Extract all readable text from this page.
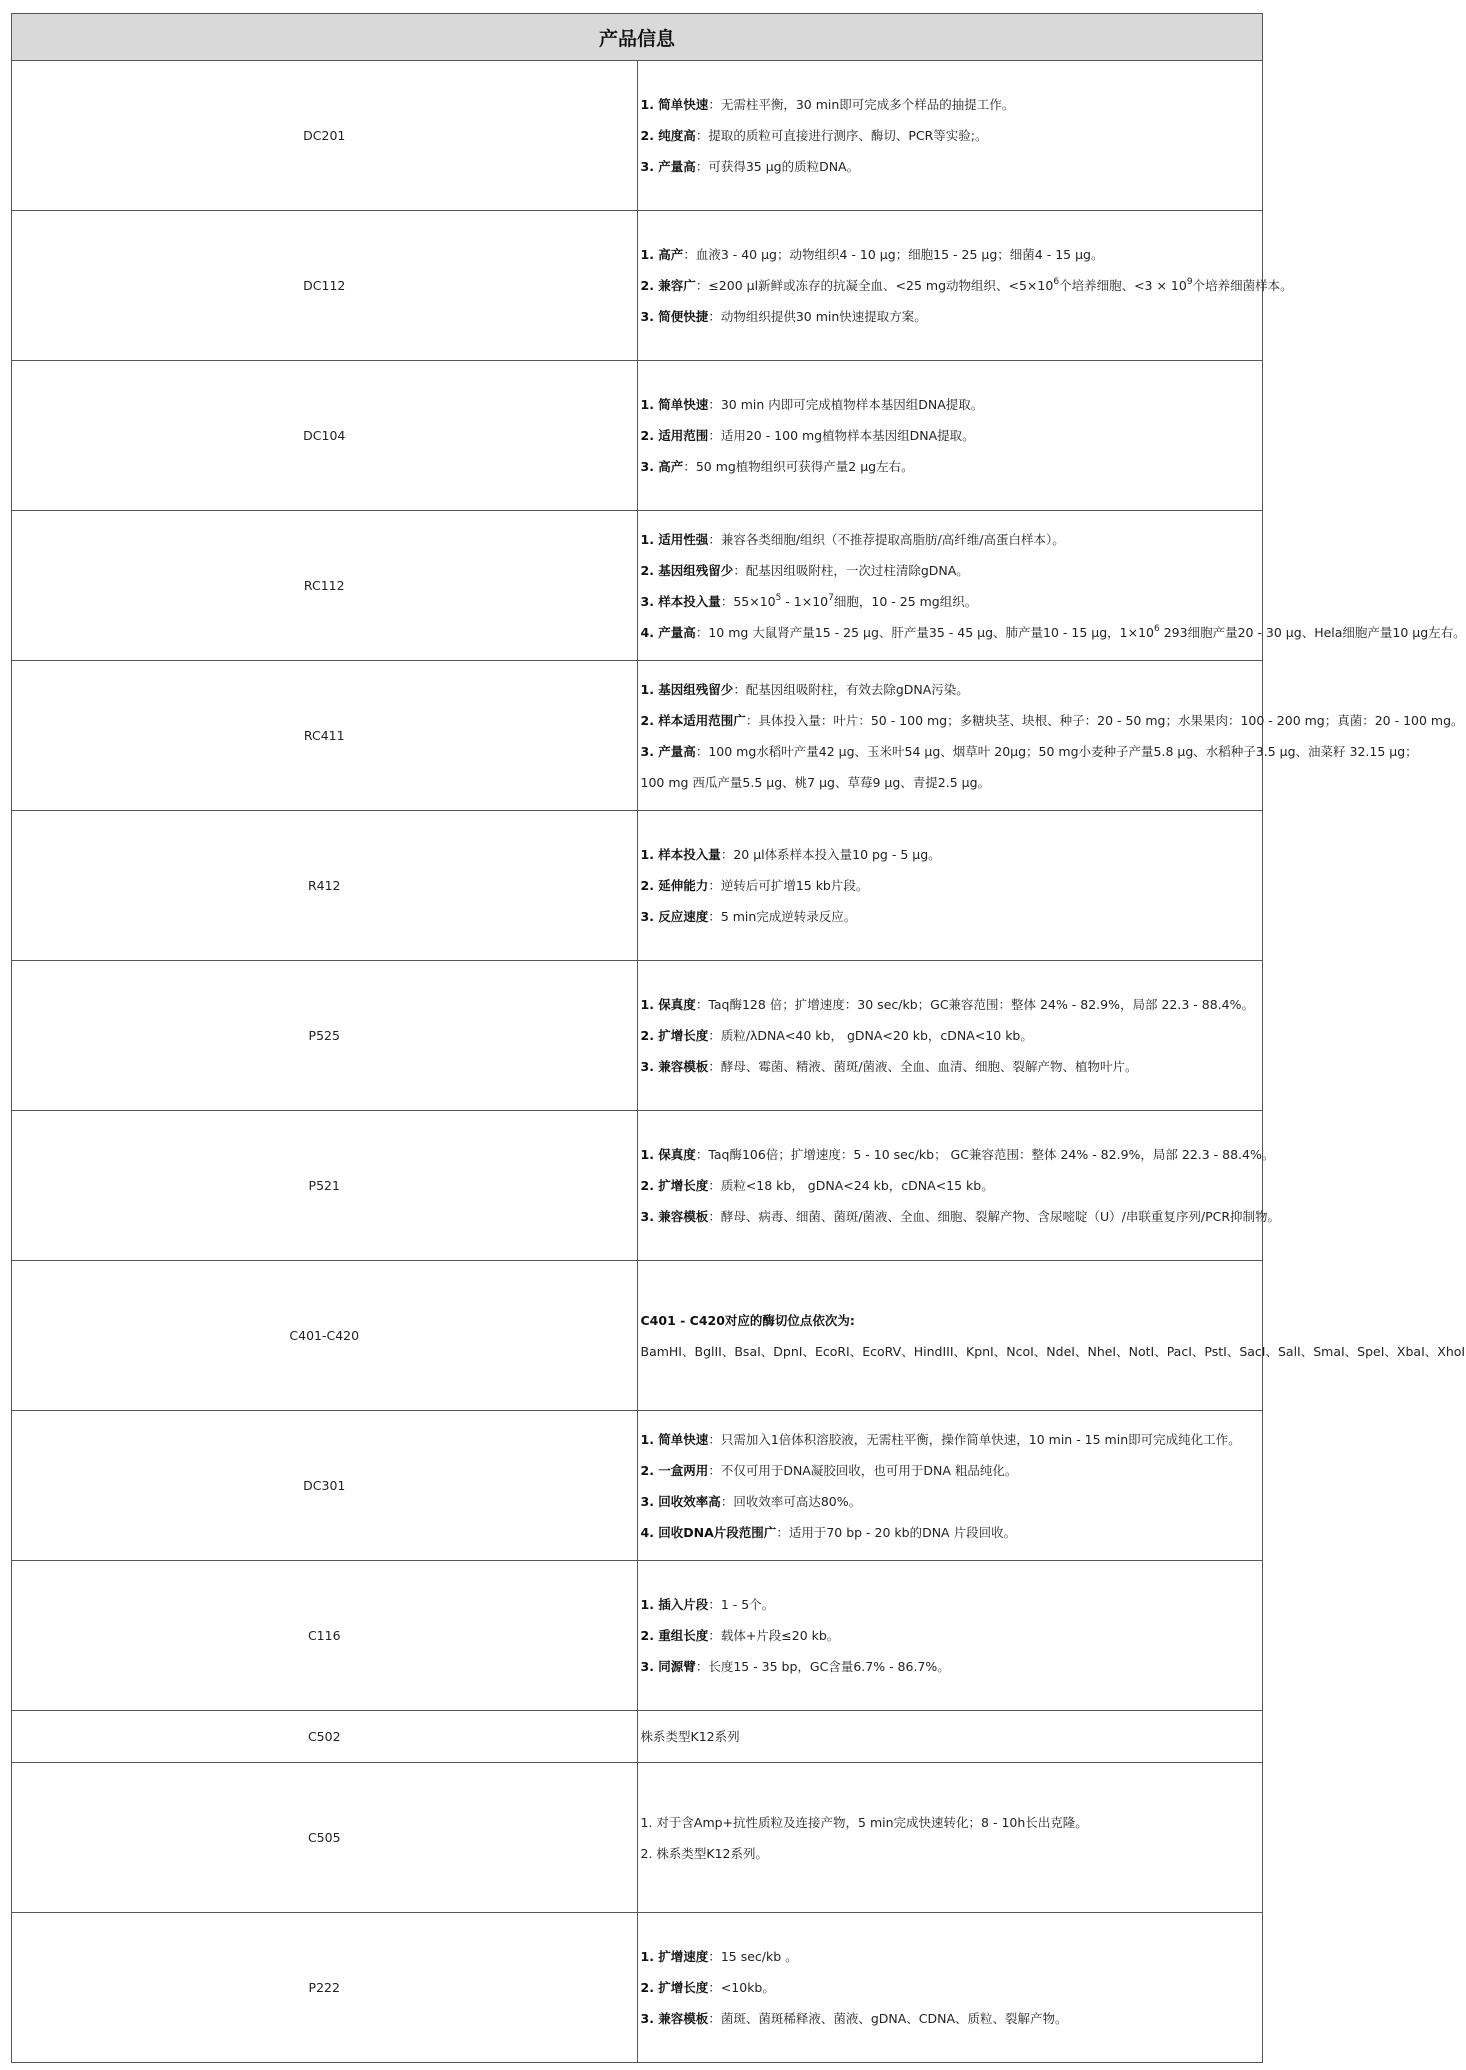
产品信息	
DC201	1. 简单快速：无需柱平衡，30 min即可完成多个样品的抽提工作。
2. 纯度高：提取的质粒可直接进行测序、酶切、PCR等实验;。
3. 产量高：可获得35 μg的质粒DNA。

DC112	1. 高产：血液3 - 40 μg；动物组织4 - 10 μg；细胞15 - 25 μg；细菌4 - 15 μg。
2. 兼容广：≤200 μl新鲜或冻存的抗凝全血、<25 mg动物组织、$<5\times 10^6$个培养细胞、$<3 \times 10^9$个培养细菌样本。
3. 简便快捷：动物组织提供30 min快速提取方案。

DC104	1. 简单快速：30 min 内即可完成植物样本基因组DNA提取。
2. 适用范围：适用20 - 100 mg植物样本基因组DNA提取。
3. 高产：50 mg植物组织可获得产量2 μg左右。

RC112	1. 适用性强：兼容各类细胞/组织（不推荐提取高脂肪/高纤维/高蛋白样本）。
2. 基因组残留少：配基因组吸附柱，一次过柱清除gDNA。
3. 样本投入量：$55\times 10^5 - 1\times 10^7$细胞，10 - 25 mg组织。
4. 产量高：10 mg 大鼠肾产量15 - 25 μg、肝产量35 - 45 μg、肺产量10 - 15 μg，$1\times 10^6$ 293细胞产量20 - 30 μg、Hela细胞产量10 μg左右。

RC411	1. 基因组残留少：配基因组吸附柱，有效去除gDNA污染。
2. 样本适用范围广：具体投入量：叶片：50 - 100 mg；多糖块茎、块根、种子：20 - 50 mg；水果果肉：100 - 200 mg；真菌：20 - 100 mg。
3. 产量高：100 mg水稻叶产量42 μg、玉米叶54 μg、烟草叶 20μg；50 mg小麦种子产量5.8 μg、水稻种子3.5 μg、油菜籽 32.15 μg；
100 mg 西瓜产量5.5 μg、桃7 μg、草莓9 μg、青提2.5 μg。

R412	1. 样本投入量：20 μl体系样本投入量10 pg - 5 μg。
2. 延伸能力：逆转后可扩增15 kb片段。
3. 反应速度：5 min完成逆转录反应。

P525	1. 保真度：Taq酶128 倍；扩增速度：30 sec/kb；GC兼容范围：整体 24% - 82.9%，局部 22.3 - 88.4%。
2. 扩增长度：质粒/λDNA<40 kb， gDNA<20 kb，cDNA<10 kb。
3. 兼容模板：酵母、霉菌、精液、菌斑/菌液、全血、血清、细胞、裂解产物、植物叶片。

P521	1. 保真度：Taq酶106倍；扩增速度：5 - 10 sec/kb； GC兼容范围：整体 24% - 82.9%，局部 22.3 - 88.4%。
2. 扩增长度：质粒<18 kb， gDNA<24 kb，cDNA<15 kb。
3. 兼容模板：酵母、病毒、细菌、菌斑/菌液、全血、细胞、裂解产物、含尿嘧啶（U）/串联重复序列/PCR抑制物。

C401-C420	C401 - C420对应的酶切位点依次为:
BamHI、BglII、BsaI、DpnI、EcoRI、EcoRV、HindIII、KpnI、NcoI、NdeI、NheI、NotI、PacI、PstI、SacI、SalI、SmaI、SpeI、XbaI、XhoI

DC301	1. 简单快速：只需加入1倍体积溶胶液，无需柱平衡，操作简单快速，10 min - 15 min即可完成纯化工作。
2. 一盒两用：不仅可用于DNA凝胶回收，也可用于DNA 粗品纯化。
3. 回收效率高：回收效率可高达80%。
4. 回收DNA片段范围广：适用于70 bp - 20 kb的DNA 片段回收。

C116	1. 插入片段：1 - 5个。
2. 重组长度：载体+片段≤20 kb。
3. 同源臂：长度15 - 35 bp，GC含量6.7% - 86.7%。

C502	株系类型K12系列

C505	1. 对于含Amp+抗性质粒及连接产物，5 min完成快速转化；8 - 10h长出克隆。
2. 株系类型K12系列。

P222	1. 扩增速度：15 sec/kb 。
2. 扩增长度：<10kb。
3. 兼容模板：菌斑、菌斑稀释液、菌液、gDNA、CDNA、质粒、裂解产物。
